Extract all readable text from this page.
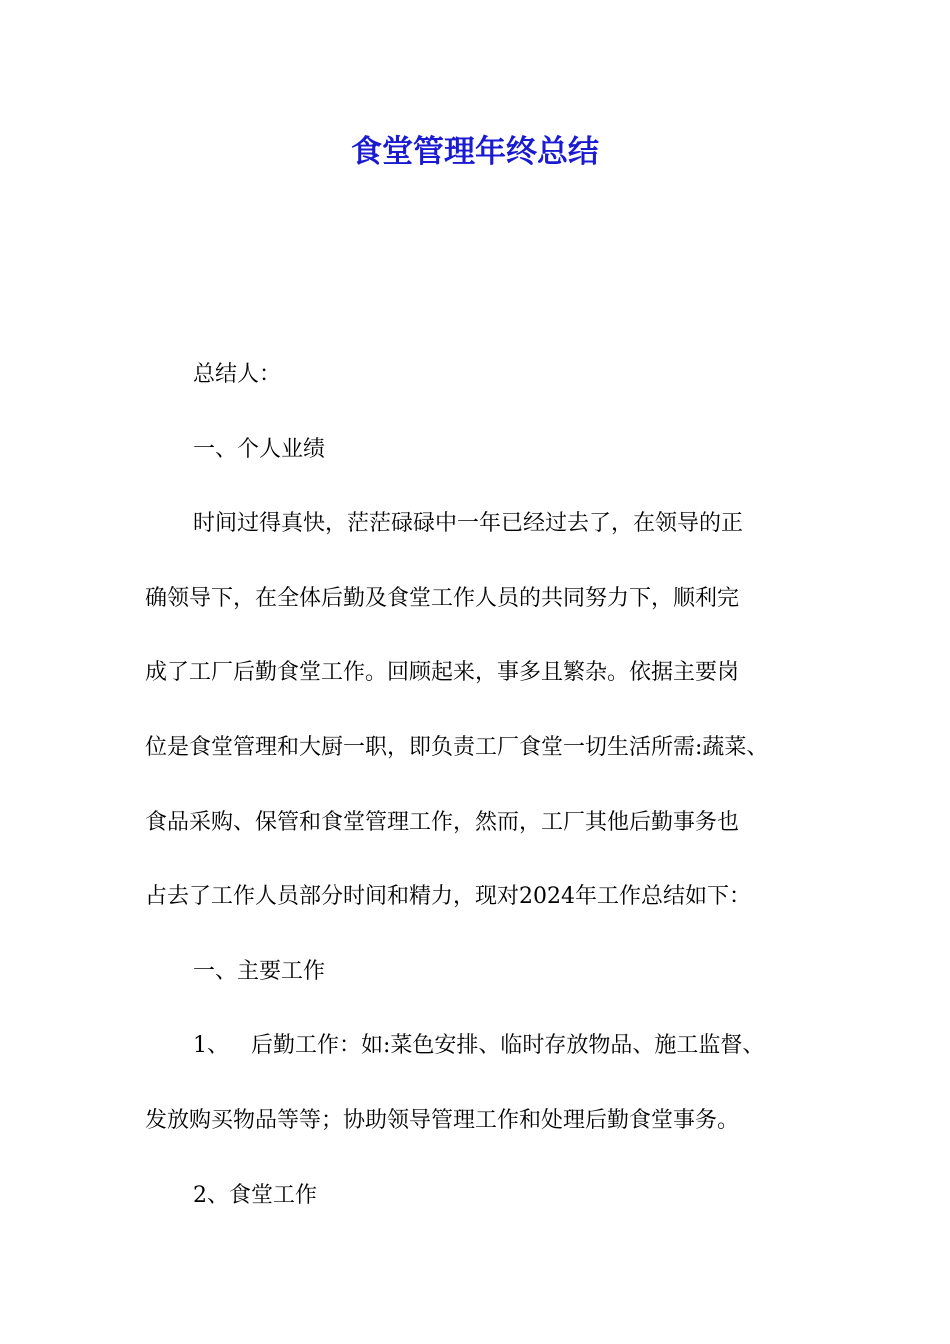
食堂管理年终总结

总结人：

一、个人业绩

时间过得真快，茫茫碌碌中一年已经过去了，在领导的正

确领导下，在全体后勤及食堂工作人员的共同努力下，顺利完

成了工厂后勤食堂工作。回顾起来，事多且繁杂。依据主要岗

位是食堂管理和大厨一职，即负责工厂食堂一切生活所需:蔬菜、

食品采购、保管和食堂管理工作，然而，工厂其他后勤事务也

占去了工作人员部分时间和精力，现对2024年工作总结如下：

一、主要工作

1、 后勤工作：如:菜色安排、临时存放物品、施工监督、

发放购买物品等等；协助领导管理工作和处理后勤食堂事务。

2、食堂工作
